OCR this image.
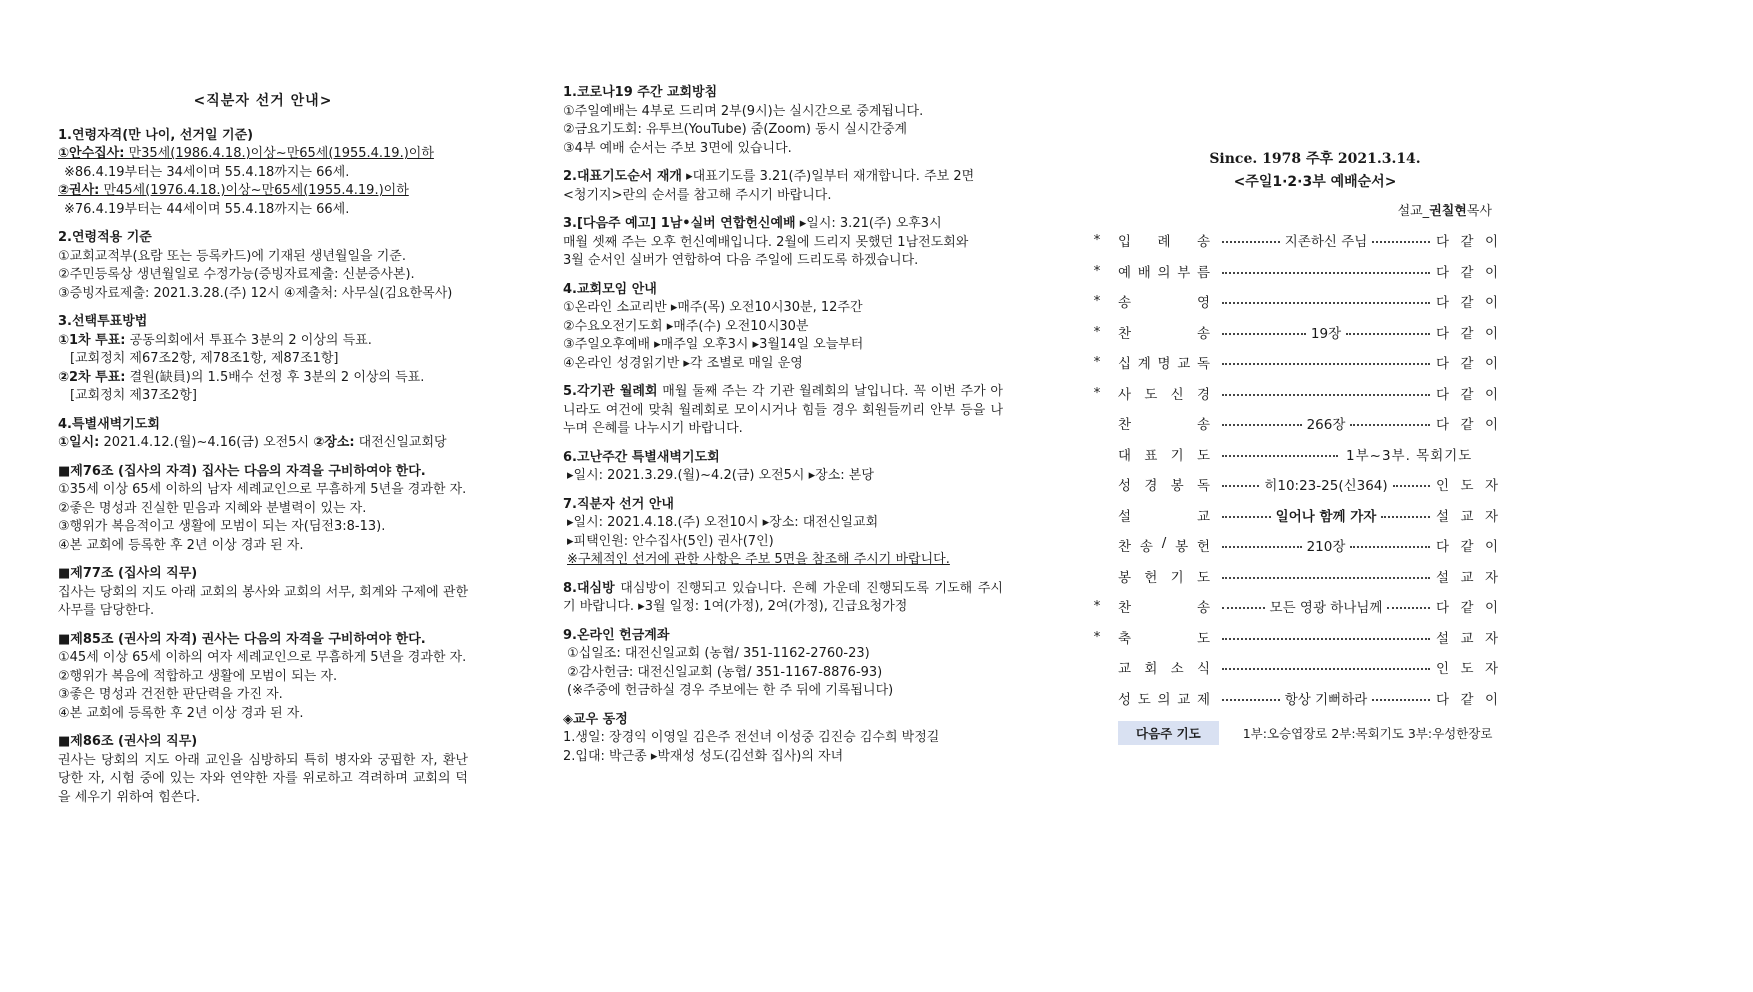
<직분자 선거 안내>

1.연령자격(만 나이, 선거일 기준)

①안수집사: 만35세(1986.4.18.)이상~만65세(1955.4.19.)이하

※86.4.19부터는 34세이며 55.4.18까지는 66세.

②권사: 만45세(1976.4.18.)이상~만65세(1955.4.19.)이하

※76.4.19부터는 44세이며 55.4.18까지는 66세.

2.연령적용 기준

①교회교적부(요람 또는 등록카드)에 기재된 생년월일을 기준.

②주민등록상 생년월일로 수정가능(증빙자료제출: 신분증사본).

③증빙자료제출: 2021.3.28.(주) 12시 ④제출처: 사무실(김요한목사)

3.선택투표방법

①1차 투표: 공동의회에서 투표수 3분의 2 이상의 득표.

[교회정치 제67조2항, 제78조1항, 제87조1항]

②2차 투표: 결원(缺員)의 1.5배수 선정 후 3분의 2 이상의 득표.

[교회정치 제37조2항]

4.특별새벽기도회

①일시: 2021.4.12.(월)~4.16(금) 오전5시 ②장소: 대전신일교회당

■제76조 (집사의 자격) 집사는 다음의 자격을 구비하여야 한다.

①35세 이상 65세 이하의 남자 세례교인으로 무흠하게 5년을 경과한 자.

②좋은 명성과 진실한 믿음과 지혜와 분별력이 있는 자.

③행위가 복음적이고 생활에 모범이 되는 자(딤전3:8-13).

④본 교회에 등록한 후 2년 이상 경과 된 자.

■제77조 (집사의 직무)

집사는 당회의 지도 아래 교회의 봉사와 교회의 서무, 회계와 구제에 관한 사무를 담당한다.

■제85조 (권사의 자격) 권사는 다음의 자격을 구비하여야 한다.

①45세 이상 65세 이하의 여자 세례교인으로 무흠하게 5년을 경과한 자.

②행위가 복음에 적합하고 생활에 모범이 되는 자.

③좋은 명성과 건전한 판단력을 가진 자.

④본 교회에 등록한 후 2년 이상 경과 된 자.

■제86조 (권사의 직무)

권사는 당회의 지도 아래 교인을 심방하되 특히 병자와 궁핍한 자, 환난 당한 자, 시험 중에 있는 자와 연약한 자를 위로하고 격려하며 교회의 덕을 세우기 위하여 힘쓴다.

1.코로나19 주간 교회방침

①주일예배는 4부로 드리며 2부(9시)는 실시간으로 중계됩니다.

②금요기도회: 유투브(YouTube) 줌(Zoom) 동시 실시간중계

③4부 예배 순서는 주보 3면에 있습니다.

2.대표기도순서 재개 ▸대표기도를 3.21(주)일부터 재개합니다. 주보 2면

<청기지>란의 순서를 참고해 주시기 바랍니다.

3.[다음주 예고] 1남•실버 연합헌신예배 ▸일시: 3.21(주) 오후3시

매월 셋째 주는 오후 헌신예배입니다. 2월에 드리지 못했던 1남전도회와

3월 순서인 실버가 연합하여 다음 주일에 드리도록 하겠습니다.

4.교회모임 안내

①온라인 소교리반 ▸매주(목) 오전10시30분, 12주간

②수요오전기도회 ▸매주(수) 오전10시30분

③주일오후예배 ▸매주일 오후3시 ▸3월14일 오늘부터

④온라인 성경읽기반 ▸각 조별로 매일 운영

5.각기관 월례회 매월 둘째 주는 각 기관 월례회의 날입니다. 꼭 이번 주가 아니라도 여건에 맞춰 월례회로 모이시거나 힘들 경우 회원들끼리 안부 등을 나누며 은혜를 나누시기 바랍니다.

6.고난주간 특별새벽기도회

▸일시: 2021.3.29.(월)~4.2(금) 오전5시 ▸장소: 본당

7.직분자 선거 안내

▸일시: 2021.4.18.(주) 오전10시 ▸장소: 대전신일교회

▸피택인원: 안수집사(5인) 권사(7인)

※구체적인 선거에 관한 사항은 주보 5면을 참조해 주시기 바랍니다.

8.대심방 대심방이 진행되고 있습니다. 은혜 가운데 진행되도록 기도해 주시기 바랍니다. ▸3월 일정: 1여(가정), 2여(가정), 긴급요청가정

9.온라인 헌금계좌

①십일조: 대전신일교회 (농협/ 351-1162-2760-23)

②감사헌금: 대전신일교회 (농협/ 351-1167-8876-93)

(※주중에 헌금하실 경우 주보에는 한 주 뒤에 기록됩니다)

◈교우 동정

1.생일: 장경익 이영일 김은주 전선녀 이성중 김진승 김수희 박정길

2.입대: 박근종 ▸박재성 성도(김선화 집사)의 자녀

Since. 1978 주후 2021.3.14.
<주일1·2·3부 예배순서>
설교_권칠현목사
* 입 례 송	지존하신 주님	다 같 이
* 예 배 의 부 름	다 같 이
* 송	영	다 같 이
* 찬	송	19장	다 같 이
* 십 계 명 교 독	다 같 이
* 사 도 신 경	다 같 이
찬	송	266장	다 같 이
대 표 기 도	1부~3부. 목회기도
성 경 봉 독	히10:23-25(신364)	인 도 자
설	교	일어나 함께 가자	설 교 자
찬 송 / 봉 헌	210장	다 같 이
봉 헌 기 도	설 교 자
* 찬	송	모든 영광 하나님께	다 같 이
* 축	도	설 교 자
교 회 소 식	인 도 자
성 도 의 교 제	항상 기뻐하라	다 같 이
다음주 기도	1부:오승엽장로 2부:목회기도 3부:우성한장로
